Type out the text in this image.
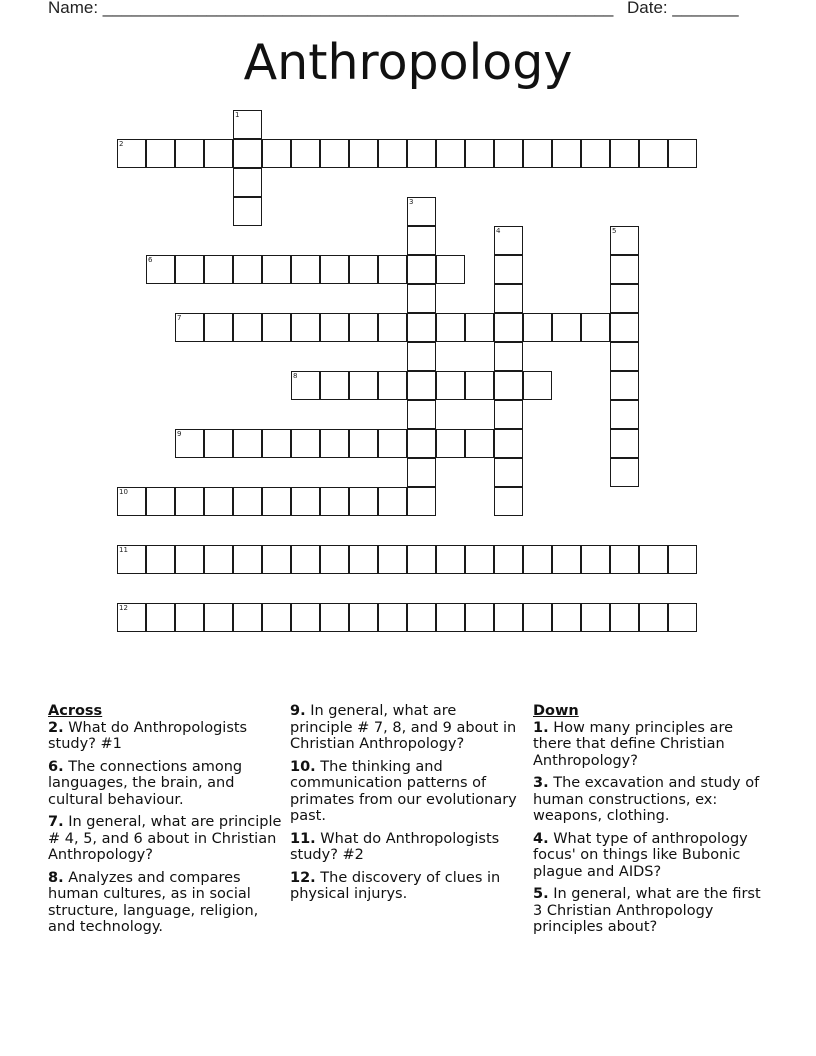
Name: ______________________________________________________ Date: _______
Anthropology
1
2
3
4	5
6
7
8
9
10
11
12
Across
2. What do Anthropologists study? #1
6. The connections among languages, the brain, and cultural behaviour.
7. In general, what are principle # 4, 5, and 6 about in Christian Anthropology?
8. Analyzes and compares human cultures, as in social structure, language, religion, and technology.
9. In general, what are principle # 7, 8, and 9 about in Christian Anthropology?
10. The thinking and communication patterns of primates from our evolutionary past.
11. What do Anthropologists study? #2
12. The discovery of clues in physical injurys.
Down
1. How many principles are there that define Christian Anthropology?
3. The excavation and study of human constructions, ex: weapons, clothing.
4. What type of anthropology focus' on things like Bubonic plague and AIDS?
5. In general, what are the first 3 Christian Anthropology principles about?
